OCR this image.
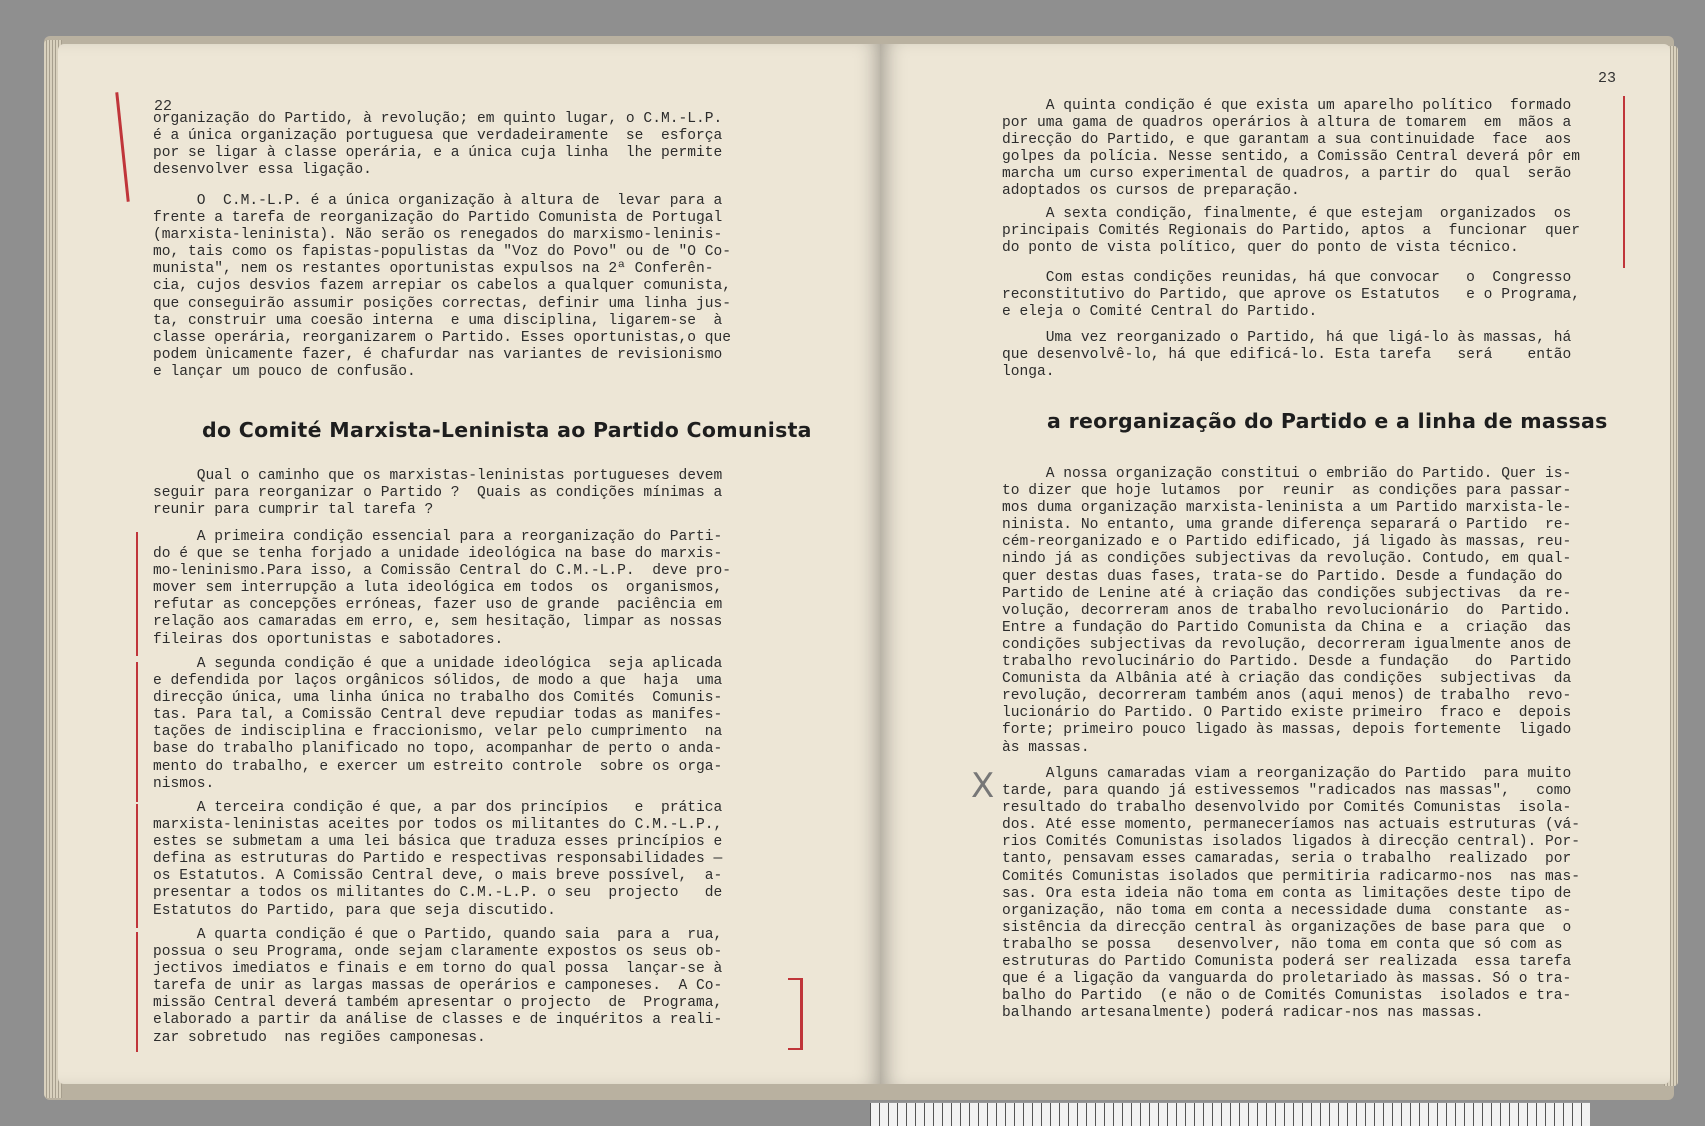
22

organização do Partido, à revolução; em quinto lugar, o C.M.-L.P.
é a única organização portuguesa que verdadeiramente  se  esforça
por se ligar à classe operária, e a única cuja linha  lhe permite
desenvolver essa ligação.

O  C.M.-L.P. é a única organização à altura de  levar para a
frente a tarefa de reorganização do Partido Comunista de Portugal
(marxista-leninista). Não serão os renegados do marxismo-leninis-
mo, tais como os fapistas-populistas da "Voz do Povo" ou de "O Co-
munista", nem os restantes oportunistas expulsos na 2ª Conferên-
cia, cujos desvios fazem arrepiar os cabelos a qualquer comunista,
que conseguirão assumir posições correctas, definir uma linha jus-
ta, construir uma coesão interna  e uma disciplina, ligarem-se  à
classe operária, reorganizarem o Partido. Esses oportunistas,o que
podem ùnicamente fazer, é chafurdar nas variantes de revisionismo
e lançar um pouco de confusão.

do Comité Marxista-Leninista ao Partido Comunista

Qual o caminho que os marxistas-leninistas portugueses devem
seguir para reorganizar o Partido ?  Quais as condições mínimas a
reunir para cumprir tal tarefa ?

A primeira condição essencial para a reorganização do Parti-
do é que se tenha forjado a unidade ideológica na base do marxis-
mo-leninismo.Para isso, a Comissão Central do C.M.-L.P.  deve pro-
mover sem interrupção a luta ideológica em todos  os  organismos,
refutar as concepções erróneas, fazer uso de grande  paciência em
relação aos camaradas em erro, e, sem hesitação, limpar as nossas
fileiras dos oportunistas e sabotadores.

A segunda condição é que a unidade ideológica  seja aplicada
e defendida por laços orgânicos sólidos, de modo a que  haja  uma
direcção única, uma linha única no trabalho dos Comités  Comunis-
tas. Para tal, a Comissão Central deve repudiar todas as manifes-
tações de indisciplina e fraccionismo, velar pelo cumprimento  na
base do trabalho planificado no topo, acompanhar de perto o anda-
mento do trabalho, e exercer um estreito controle  sobre os orga-
nismos.

A terceira condição é que, a par dos princípios   e  prática
marxista-leninistas aceites por todos os militantes do C.M.-L.P.,
estes se submetam a uma lei básica que traduza esses princípios e
defina as estruturas do Partido e respectivas responsabilidades —
os Estatutos. A Comissão Central deve, o mais breve possível,  a-
presentar a todos os militantes do C.M.-L.P. o seu  projecto   de
Estatutos do Partido, para que seja discutido.

A quarta condição é que o Partido, quando saia  para a  rua,
possua o seu Programa, onde sejam claramente expostos os seus ob-
jectivos imediatos e finais e em torno do qual possa  lançar-se à
tarefa de unir as largas massas de operários e camponeses.  A Co-
missão Central deverá também apresentar o projecto  de  Programa,
elaborado a partir da análise de classes e de inquéritos a reali-
zar sobretudo  nas regiões camponesas.

23

A quinta condição é que exista um aparelho político  formado
por uma gama de quadros operários à altura de tomarem  em  mãos a
direcção do Partido, e que garantam a sua continuidade  face  aos
golpes da polícia. Nesse sentido, a Comissão Central deverá pôr em
marcha um curso experimental de quadros, a partir do  qual  serão
adoptados os cursos de preparação.

A sexta condição, finalmente, é que estejam  organizados  os
principais Comités Regionais do Partido, aptos  a  funcionar  quer
do ponto de vista político, quer do ponto de vista técnico.

Com estas condições reunidas, há que convocar   o  Congresso
reconstitutivo do Partido, que aprove os Estatutos   e o Programa,
e eleja o Comité Central do Partido.

Uma vez reorganizado o Partido, há que ligá-lo às massas, há
que desenvolvê-lo, há que edificá-lo. Esta tarefa   será    então
longa.

a reorganização do Partido e a linha de massas

A nossa organização constitui o embrião do Partido. Quer is-
to dizer que hoje lutamos  por  reunir  as condições para passar-
mos duma organização marxista-leninista a um Partido marxista-le-
ninista. No entanto, uma grande diferença separará o Partido  re-
cém-reorganizado e o Partido edificado, já ligado às massas, reu-
nindo já as condições subjectivas da revolução. Contudo, em qual-
quer destas duas fases, trata-se do Partido. Desde a fundação do
Partido de Lenine até à criação das condições subjectivas  da re-
volução, decorreram anos de trabalho revolucionário  do  Partido.
Entre a fundação do Partido Comunista da China e  a  criação  das
condições subjectivas da revolução, decorreram igualmente anos de
trabalho revolucinário do Partido. Desde a fundação   do  Partido
Comunista da Albânia até à criação das condições  subjectivas  da
revolução, decorreram também anos (aqui menos) de trabalho  revo-
lucionário do Partido. O Partido existe primeiro  fraco e  depois
forte; primeiro pouco ligado às massas, depois fortemente  ligado
às massas.

Alguns camaradas viam a reorganização do Partido  para muito
tarde, para quando já estivessemos "radicados nas massas",   como
resultado do trabalho desenvolvido por Comités Comunistas  isola-
dos. Até esse momento, permaneceríamos nas actuais estruturas (vá-
rios Comités Comunistas isolados ligados à direcção central). Por-
tanto, pensavam esses camaradas, seria o trabalho  realizado  por
Comités Comunistas isolados que permitiria radicarmo-nos  nas mas-
sas. Ora esta ideia não toma em conta as limitações deste tipo de
organização, não toma em conta a necessidade duma  constante  as-
sistência da direcção central às organizações de base para que  o
trabalho se possa   desenvolver, não toma em conta que só com as
estruturas do Partido Comunista poderá ser realizada  essa tarefa
que é a ligação da vanguarda do proletariado às massas. Só o tra-
balho do Partido  (e não o de Comités Comunistas  isolados e tra-
balhando artesanalmente) poderá radicar-nos nas massas.

X
